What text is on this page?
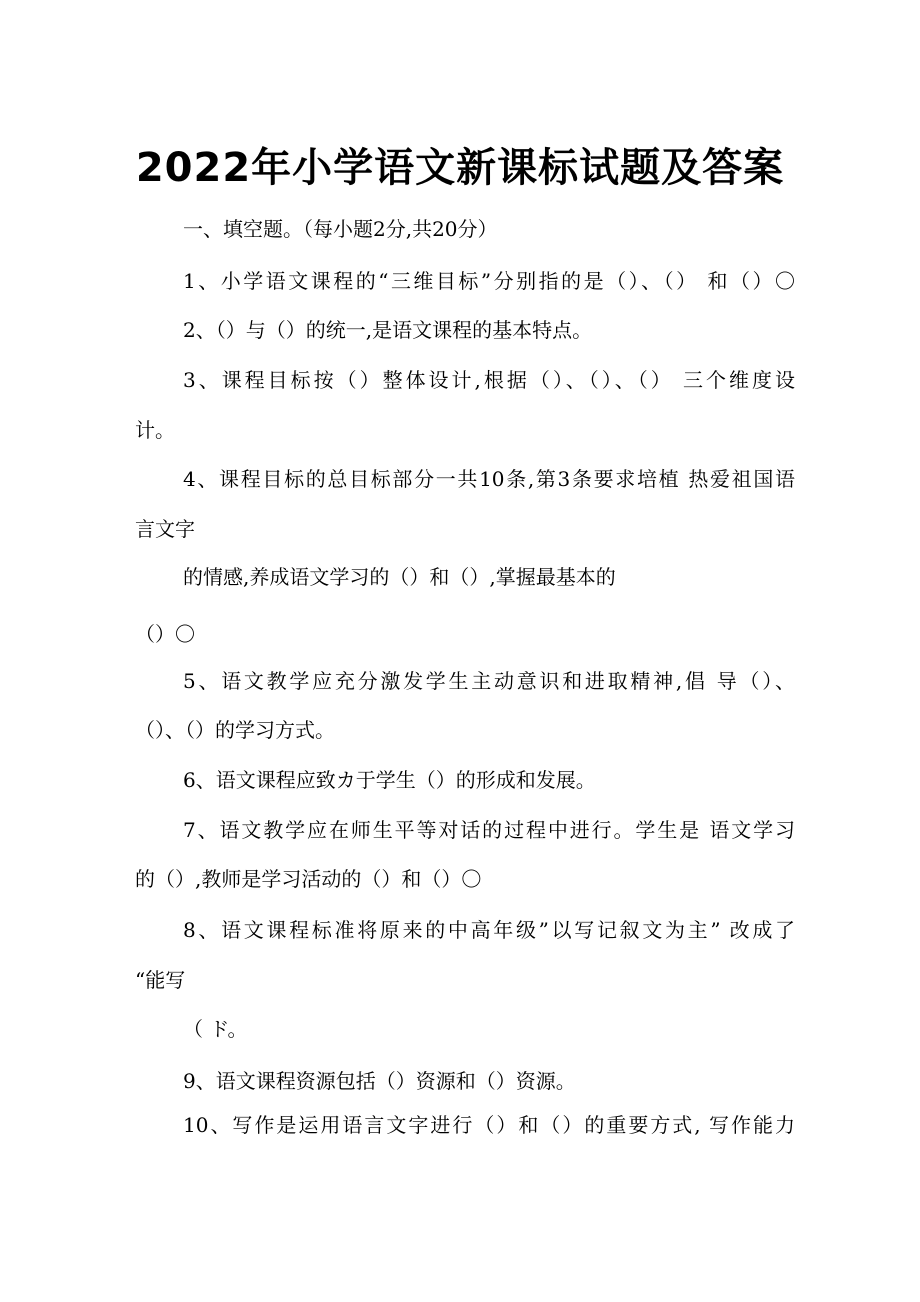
2022年小学语文新课标试题及答案
一、填空题。（每小题2分,共20分）
1、小学语文课程的“三维目标”分别指的是（）、（） 和（）〇
2、（）与（）的统一,是语文课程的基本特点。
3、课程目标按（）整体设计,根据（）、（）、（） 三个维度设
计。
4、课程目标的总目标部分一共10条,第3条要求培植 热爱祖国语
言文字
的情感,养成语文学习的（）和（）,掌握最基本的
（）〇
5、语文教学应充分激发学生主动意识和进取精神,倡 导（）、
（）、（）的学习方式。
6、语文课程应致カ于学生（）的形成和发展。
7、语文教学应在师生平等对话的过程中进行。学生是 语文学习
的（）,教师是学习活动的（）和（）〇
8、语文课程标准将原来的中高年级”以写记叙文为主” 改成了
“能写
（ ド。
9、语文课程资源包括（）资源和（）资源。
10、写作是运用语言文字进行（）和（）的重要方式, 写作能力
